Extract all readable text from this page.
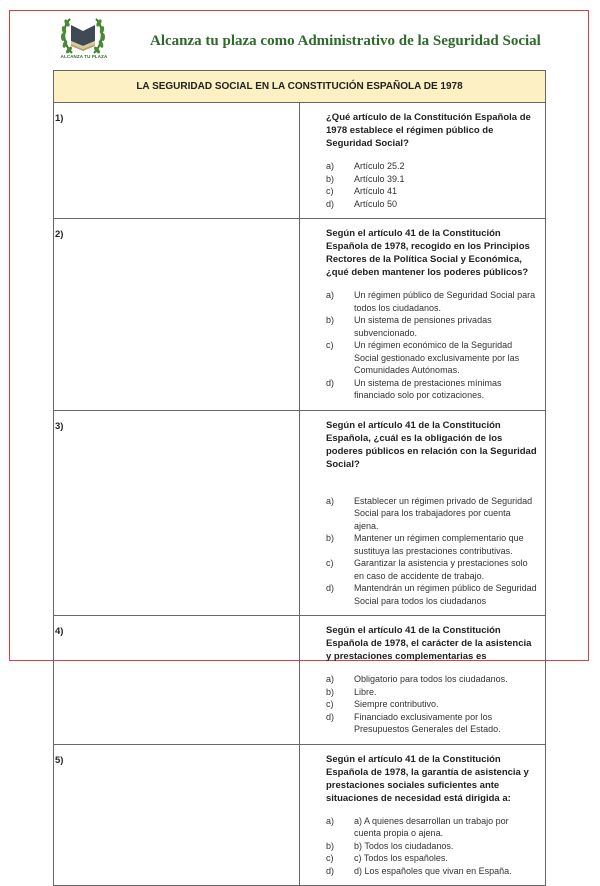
ALCANZA TU PLAZA
Alcanza tu plaza como Administrativo de la Seguridad Social
LA SEGURIDAD SOCIAL EN LA CONSTITUCIÓN ESPAÑOLA DE 1978	
1)	¿Qué artículo de la Constitución Española de 1978 establece el régimen público de Seguridad Social?

a)	Artículo 25.2
b)	Artículo 39.1
c)	Artículo 41
d)	Artículo 50

2)	Según el artículo 41 de la Constitución Española de 1978, recogido en los Principios Rectores de la Política Social y Económica, ¿qué deben mantener los poderes públicos?

a)	Un régimen público de Seguridad Social para todos los ciudadanos.
b)	Un sistema de pensiones privadas subvencionado.
c)	Un régimen económico de la Seguridad Social gestionado exclusivamente por las Comunidades Autónomas.
d)	Un sistema de prestaciones mínimas financiado solo por cotizaciones.

3)	Según el artículo 41 de la Constitución Española, ¿cuál es la obligación de los poderes públicos en relación con la Seguridad Social?

a)	Establecer un régimen privado de Seguridad Social para los trabajadores por cuenta ajena.
b)	Mantener un régimen complementario que sustituya las prestaciones contributivas.
c)	Garantizar la asistencia y prestaciones solo en caso de accidente de trabajo.
d)	Mantendrán un régimen público de Seguridad Social para todos los ciudadanos

4)	Según el artículo 41 de la Constitución Española de 1978, el carácter de la asistencia y prestaciones complementarias es

a)	Obligatorio para todos los ciudadanos.
b)	Libre.
c)	Siempre contributivo.
d)	Financiado exclusivamente por los Presupuestos Generales del Estado.

5)	Según el artículo 41 de la Constitución Española de 1978, la garantía de asistencia y prestaciones sociales suficientes ante situaciones de necesidad está dirigida a:

a)	a) A quienes desarrollan un trabajo por cuenta propia o ajena.
b)	b) Todos los ciudadanos.
c)	c) Todos los españoles.
d)	d) Los españoles que vivan en España.
